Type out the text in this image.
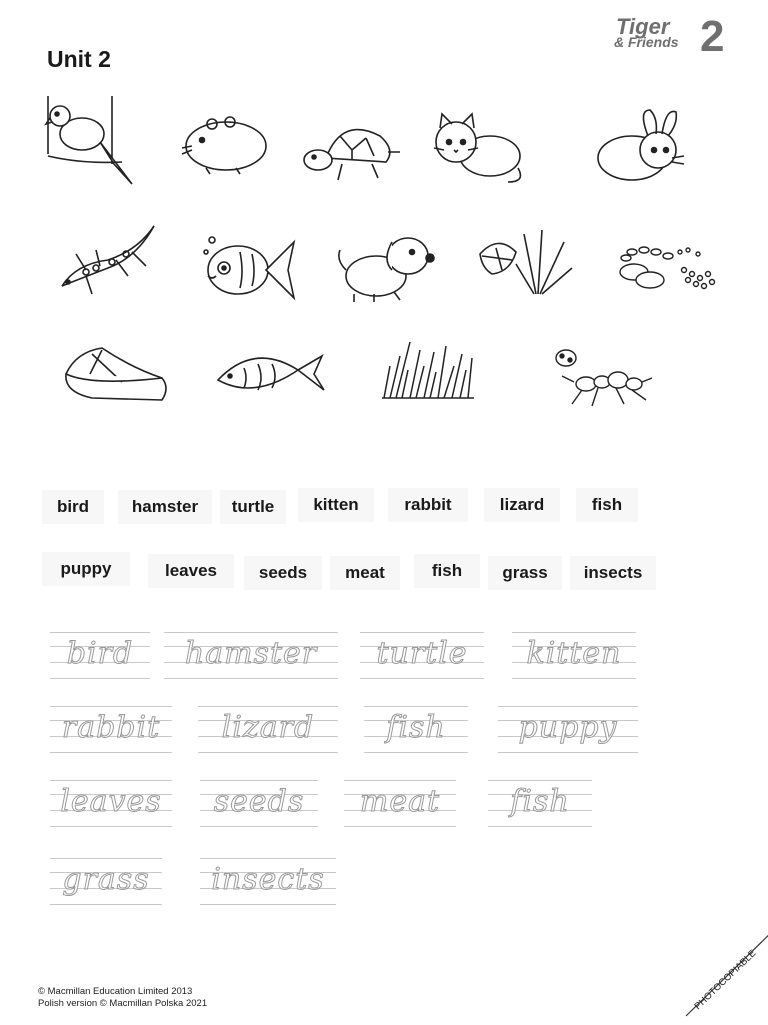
Unit 2
Tiger
& Friends 2
bird	hamster	turtle	kitten	rabbit	lizard	fish
puppy	leaves	seeds	meat	fish	grass	insects
bird	hamster	turtle	kitten
rabbit	lizard	fish	puppy
leaves	seeds	meat	fish
grass insects
© Macmillan Education Limited 2013
Polish version © Macmillan Polska 2021	PHOTOCOPIABLE
